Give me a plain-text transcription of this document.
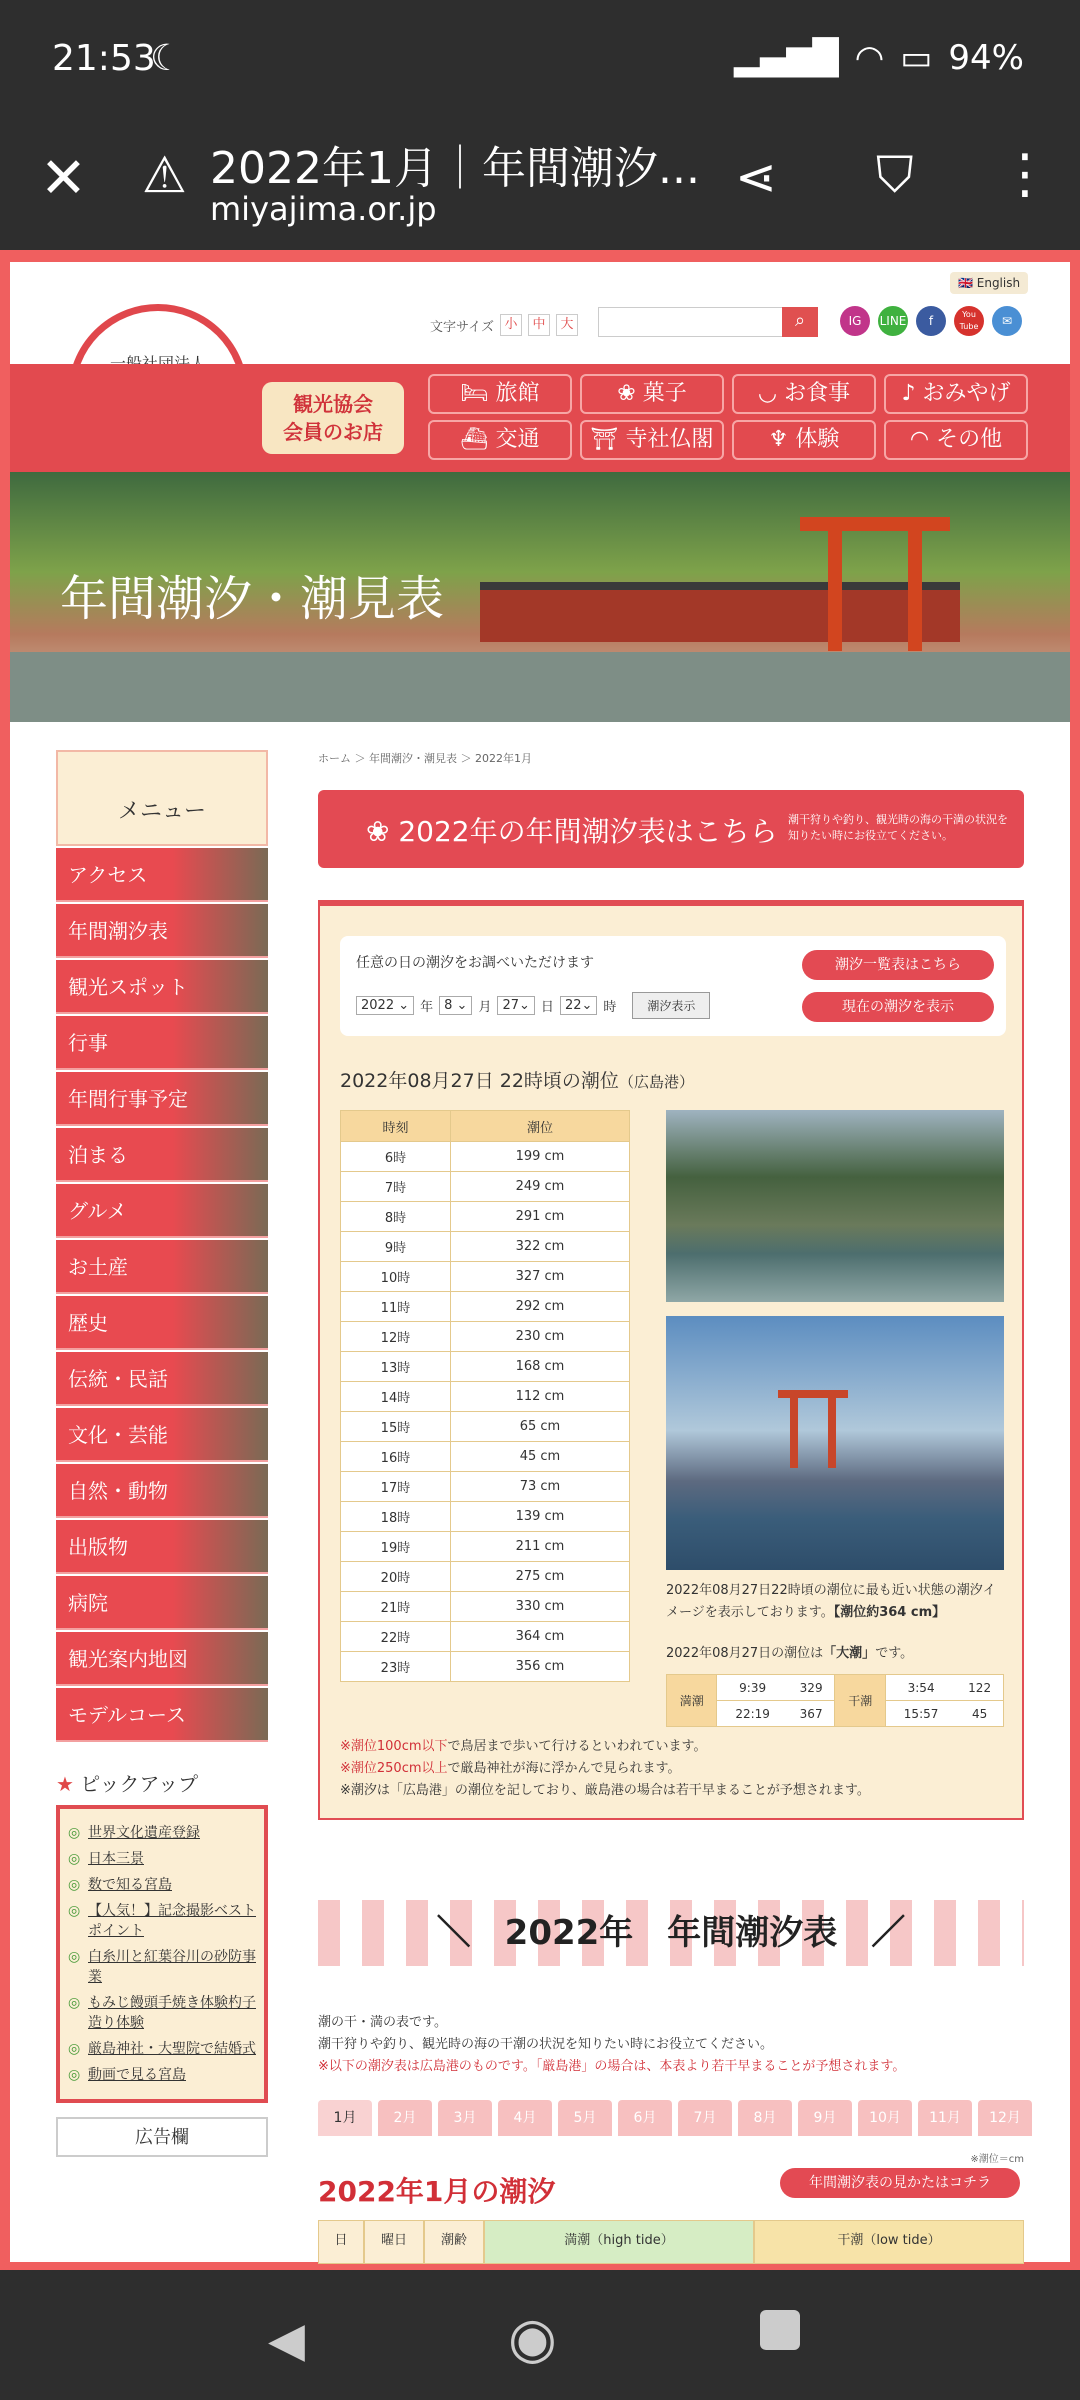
21:53
☾	▂▄▆█ ◠ ▭ 94%
✕ ⚠ 2022年1月｜年間潮汐...
miyajima.or.jp
⋖ ⛉ ⋮
🇬🇧 English
文字サイズ 小	中	大	⌕	IG	LINE	f	You Tube	✉
観光協会
会員のお店
🛏 旅館	❀ 菓子	◡ お食事	♪ おみやげ
⛴ 交通	⛩ 寺社仏閣	♆ 体験	◠ その他
年間潮汐・潮見表
メニュー
アクセス
年間潮汐表
観光スポット
行事
年間行事予定
泊まる
グルメ
お土産
歴史
伝統・民話
文化・芸能
自然・動物
出版物
病院
観光案内地図
モデルコース
★ ピックアップ
◎ 世界文化遺産登録
◎ 日本三景
◎ 数で知る宮島
◎ 【人気！】記念撮影ベストポイント
◎ 白糸川と紅葉谷川の砂防事業
◎ もみじ饅頭手焼き体験杓子造り体験
◎ 厳島神社・大聖院で結婚式
◎ 動画で見る宮島
広告欄
ホーム ＞ 年間潮汐・潮見表 ＞ 2022年1月
❀ 2022年の年間潮汐表はこちら 潮干狩りや釣り、観光時の海の干満の状況を知りたい時にお役立てください。
任意の日の潮汐をお調べいただけます
2022 ⌄ 年 8 ⌄ 月 27⌄ 日 22⌄ 時	潮汐表示
潮汐一覧表はこちら
現在の潮汐を表示
2022年08月27日 22時頃の潮位（広島港）
時刻	潮位
6時	199 cm
7時	249 cm
8時	291 cm
9時	322 cm
10時	327 cm
11時	292 cm
12時	230 cm
13時	168 cm
14時	112 cm
15時	65 cm
16時	45 cm
17時	73 cm
18時	139 cm
19時	211 cm
20時	275 cm
21時	330 cm
22時	364 cm
23時	356 cm
2022年08月27日22時頃の潮位に最も近い状態の潮汐イメージを表示しております。【潮位約364 cm】
2022年08月27日の潮位は「大潮」です。
満潮	9:39	329	干潮	3:54	122
	22:19	367		15:57	45
※潮位100cm以下で鳥居まで歩いて行けるといわれています。
※潮位250cm以上で厳島神社が海に浮かんで見られます。
※潮汐は「広島港」の潮位を記しており、厳島港の場合は若干早まることが予想されます。
＼　2022年　年間潮汐表　／
潮の干・満の表です。
潮干狩りや釣り、観光時の海の干潮の状況を知りたい時にお役立てください。
※以下の潮汐表は広島港のものです。「厳島港」の場合は、本表より若干早まることが予想されます。
1月	2月	3月	4月	5月	6月	7月	8月	9月	10月	11月	12月
※潮位＝cm
2022年1月の潮汐	年間潮汐表の見かたはコチラ
日	曜日	潮齢	満潮（high tide）	干潮（low tide）
◀	◉
